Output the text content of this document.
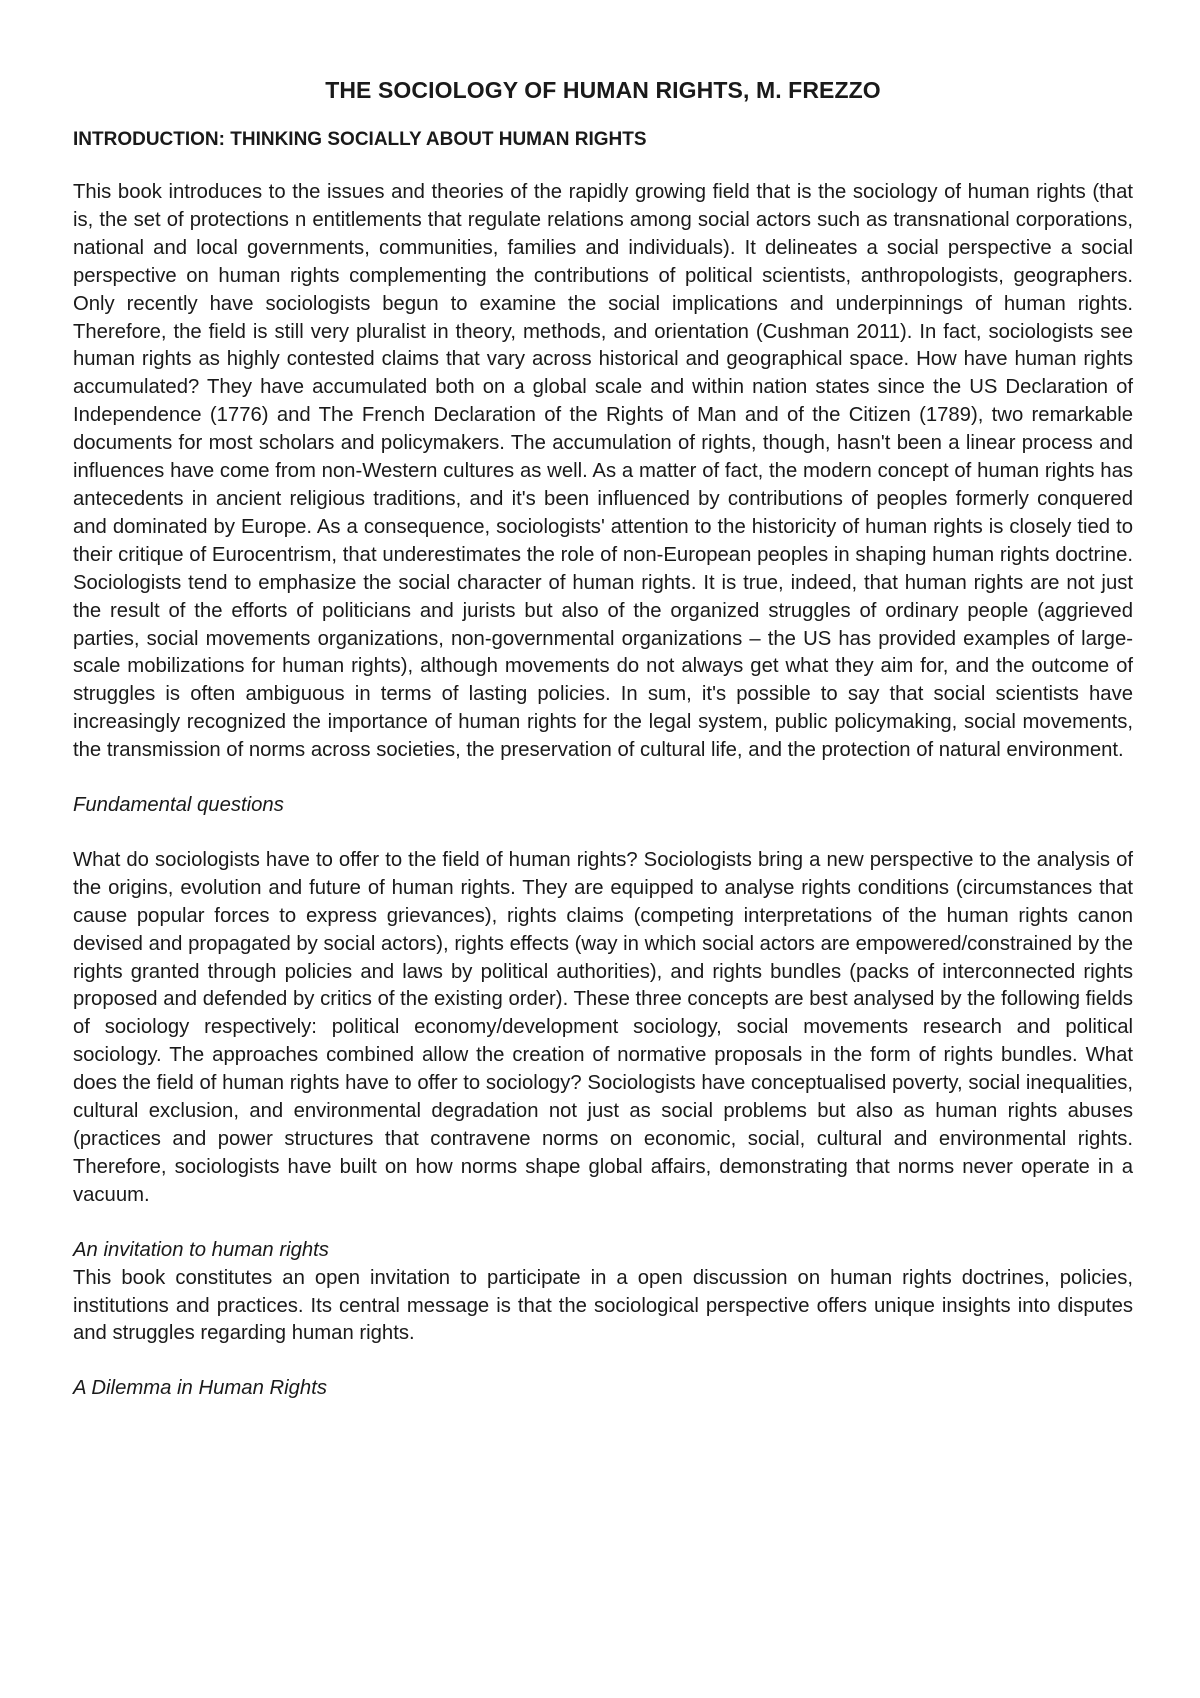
THE SOCIOLOGY OF HUMAN RIGHTS, M. FREZZO
INTRODUCTION: THINKING SOCIALLY ABOUT HUMAN RIGHTS

This book introduces to the issues and theories of the rapidly growing field that is the sociology of human rights (that is, the set of protections n entitlements that regulate relations among social actors such as transnational corporations, national and local governments, communities, families and individuals). It delineates a social perspective a social perspective on human rights complementing the contributions of political scientists, anthropologists, geographers. Only recently have sociologists begun to examine the social implications and underpinnings of human rights. Therefore, the field is still very pluralist in theory, methods, and orientation (Cushman 2011). In fact, sociologists see human rights as highly contested claims that vary across historical and geographical space. How have human rights accumulated? They have accumulated both on a global scale and within nation states since the US Declaration of Independence (1776) and The French Declaration of the Rights of Man and of the Citizen (1789), two remarkable documents for most scholars and policymakers. The accumulation of rights, though, hasn't been a linear process and influences have come from non-Western cultures as well. As a matter of fact, the modern concept of human rights has antecedents in ancient religious traditions, and it's been influenced by contributions of peoples formerly conquered and dominated by Europe. As a consequence, sociologists' attention to the historicity of human rights is closely tied to their critique of Eurocentrism, that underestimates the role of non-European peoples in shaping human rights doctrine. Sociologists tend to emphasize the social character of human rights. It is true, indeed, that human rights are not just the result of the efforts of politicians and jurists but also of the organized struggles of ordinary people (aggrieved parties, social movements organizations, non-governmental organizations – the US has provided examples of large-scale mobilizations for human rights), although movements do not always get what they aim for, and the outcome of struggles is often ambiguous in terms of lasting policies. In sum, it's possible to say that social scientists have increasingly recognized the importance of human rights for the legal system, public policymaking, social movements, the transmission of norms across societies, the preservation of cultural life, and the protection of natural environment.

Fundamental questions

What do sociologists have to offer to the field of human rights? Sociologists bring a new perspective to the analysis of the origins, evolution and future of human rights. They are equipped to analyse rights conditions (circumstances that cause popular forces to express grievances), rights claims (competing interpretations of the human rights canon devised and propagated by social actors), rights effects (way in which social actors are empowered/constrained by the rights granted through policies and laws by political authorities), and rights bundles (packs of interconnected rights proposed and defended by critics of the existing order). These three concepts are best analysed by the following fields of sociology respectively: political economy/development sociology, social movements research and political sociology. The approaches combined allow the creation of normative proposals in the form of rights bundles. What does the field of human rights have to offer to sociology? Sociologists have conceptualised poverty, social inequalities, cultural exclusion, and environmental degradation not just as social problems but also as human rights abuses (practices and power structures that contravene norms on economic, social, cultural and environmental rights. Therefore, sociologists have built on how norms shape global affairs, demonstrating that norms never operate in a vacuum.

An invitation to human rights

This book constitutes an open invitation to participate in a open discussion on human rights doctrines, policies, institutions and practices. Its central message is that the sociological perspective offers unique insights into disputes and struggles regarding human rights.

A Dilemma in Human Rights
